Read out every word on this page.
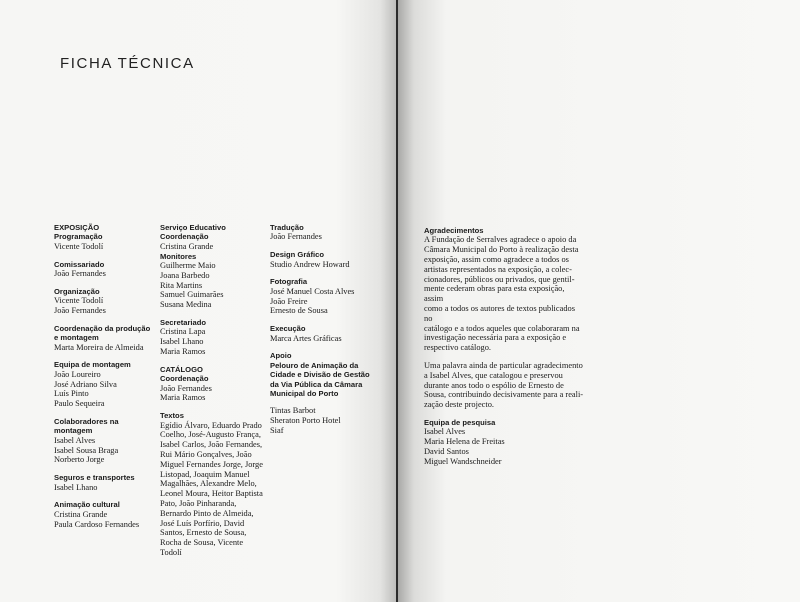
FICHA TÉCNICA

EXPOSIÇÃO

Programação

Vicente Todolí

Comissariado

João Fernandes

Organização

Vicente Todolí

João Fernandes

Coordenação da produção

e montagem

Marta Moreira de Almeida

Equipa de montagem

João Loureiro

José Adriano Silva

Luís Pinto

Paulo Sequeira

Colaboradores na montagem

Isabel Alves

Isabel Sousa Braga

Norberto Jorge

Seguros e transportes

Isabel Lhano

Animação cultural

Cristina Grande

Paula Cardoso Fernandes

Serviço Educativo

Coordenação

Cristina Grande

Monitores

Guilherme Maio

Joana Barbedo

Rita Martins

Samuel Guimarães

Susana Medina

Secretariado

Cristina Lapa

Isabel Lhano

Maria Ramos

CATÁLOGO

Coordenação

João Fernandes

Maria Ramos

Textos

Egídio Álvaro, Eduardo Prado

Coelho, José-Augusto França,

Isabel Carlos, João Fernandes,

Rui Mário Gonçalves, João

Miguel Fernandes Jorge, Jorge

Listopad, Joaquim Manuel

Magalhães, Alexandre Melo,

Leonel Moura, Heitor Baptista

Pato, João Pinharanda,

Bernardo Pinto de Almeida,

José Luís Porfírio, David

Santos, Ernesto de Sousa,

Rocha de Sousa, Vicente

Todolí

Tradução

João Fernandes

Design Gráfico

Studio Andrew Howard

Fotografia

José Manuel Costa Alves

João Freire

Ernesto de Sousa

Execução

Marca Artes Gráficas

Apoio

Pelouro de Animação da

Cidade e Divisão de Gestão

da Via Pública da Câmara

Municipal do Porto

Tintas Barbot

Sheraton Porto Hotel

Siaf

Agradecimentos

A Fundação de Serralves agradece o apoio da

Câmara Municipal do Porto à realização desta

exposição, assim como agradece a todos os

artistas representados na exposição, a colec-

cionadores, públicos ou privados, que gentil-

mente cederam obras para esta exposição, assim

como a todos os autores de textos publicados no

catálogo e a todos aqueles que colaboraram na

investigação necessária para a exposição e

respectivo catálogo.

Uma palavra ainda de particular agradecimento

a Isabel Alves, que catalogou e preservou

durante anos todo o espólio de Ernesto de

Sousa, contribuindo decisivamente para a reali-

zação deste projecto.

Equipa de pesquisa

Isabel Alves

Maria Helena de Freitas

David Santos

Miguel Wandschneider
